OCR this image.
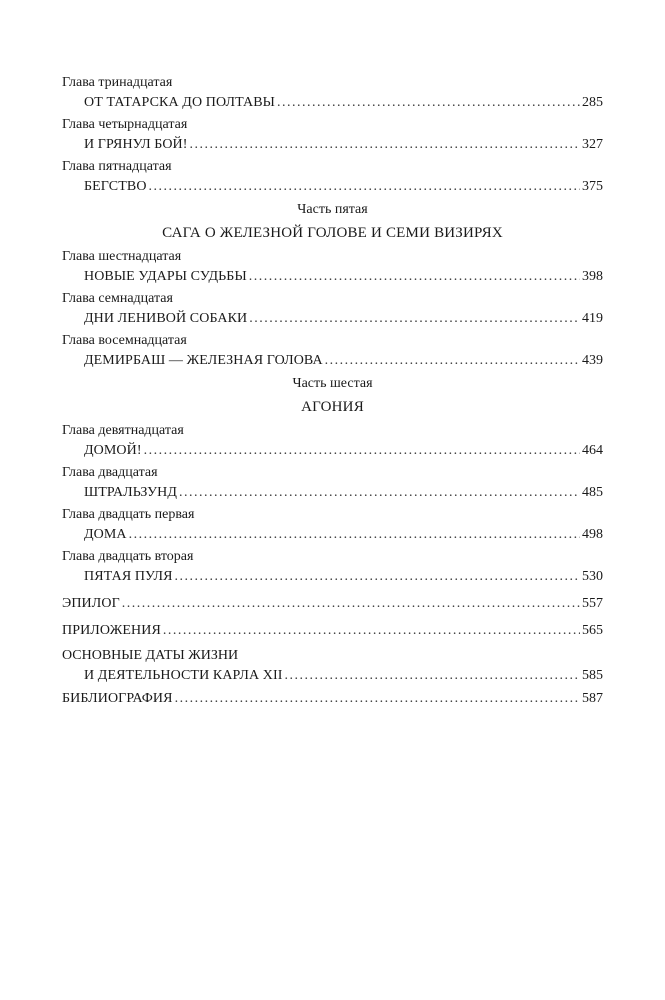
Глава тринадцатая
ОТ ТАТАРСКА ДО ПОЛТАВЫ .....	285
Глава четырнадцатая
И ГРЯНУЛ БОЙ! .....	327
Глава пятнадцатая
БЕГСТВО .....	375
Часть пятая
САГА О ЖЕЛЕЗНОЙ ГОЛОВЕ И СЕМИ ВИЗИРЯХ
Глава шестнадцатая
НОВЫЕ УДАРЫ СУДЬБЫ .....	398
Глава семнадцатая
ДНИ ЛЕНИВОЙ СОБАКИ .....	419
Глава восемнадцатая
ДЕМИРБАШ — ЖЕЛЕЗНАЯ ГОЛОВА .....	439
Часть шестая
АГОНИЯ
Глава девятнадцатая
ДОМОЙ! .....	464
Глава двадцатая
ШТРАЛЬЗУНД .....	485
Глава двадцать первая
ДОМА .....	498
Глава двадцать вторая
ПЯТАЯ ПУЛЯ .....	530
ЭПИЛОГ .....	557
ПРИЛОЖЕНИЯ .....	565
ОСНОВНЫЕ ДАТЫ ЖИЗНИ
И ДЕЯТЕЛЬНОСТИ КАРЛА XII .....	585
БИБЛИОГРАФИЯ .....	587
